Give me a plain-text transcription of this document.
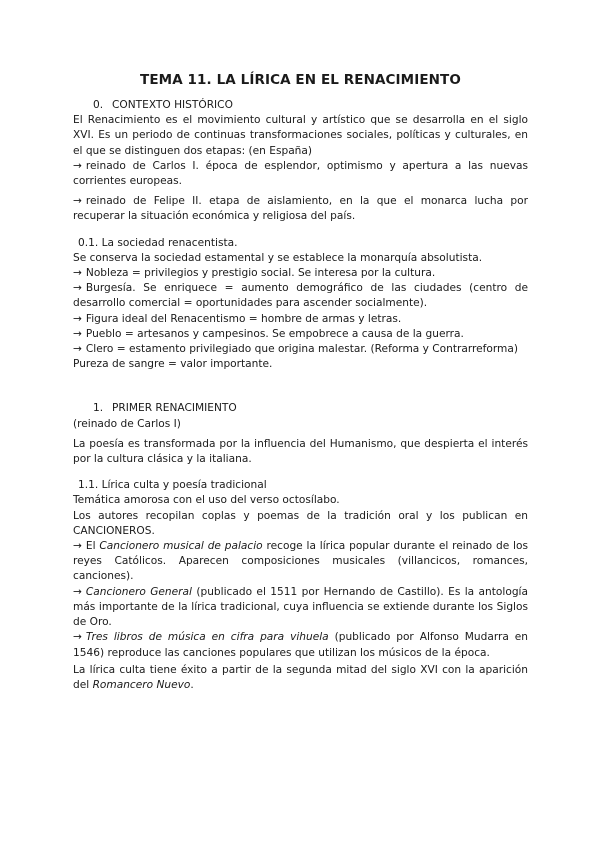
TEMA 11. LA LÍRICA EN EL RENACIMIENTO
0. CONTEXTO HISTÓRICO

El Renacimiento es el movimiento cultural y artístico que se desarrolla en el siglo XVI. Es un periodo de continuas transformaciones sociales, políticas y culturales, en el que se distinguen dos etapas: (en España)

→ reinado de Carlos I. época de esplendor, optimismo y apertura a las nuevas corrientes europeas.

→ reinado de Felipe II. etapa de aislamiento, en la que el monarca lucha por recuperar la situación económica y religiosa del país.

0.1. La sociedad renacentista.

Se conserva la sociedad estamental y se establece la monarquía absolutista.

→ Nobleza = privilegios y prestigio social. Se interesa por la cultura.

→ Burgesía. Se enriquece = aumento demográfico de las ciudades (centro de desarrollo comercial = oportunidades para ascender socialmente).

→ Figura ideal del Renacentismo = hombre de armas y letras.

→ Pueblo = artesanos y campesinos. Se empobrece a causa de la guerra.

→ Clero = estamento privilegiado que origina malestar. (Reforma y Contrarreforma)

Pureza de sangre = valor importante.

1. PRIMER RENACIMIENTO

(reinado de Carlos I)

La poesía es transformada por la influencia del Humanismo, que despierta el interés por la cultura clásica y la italiana.

1.1. Lírica culta y poesía tradicional

Temática amorosa con el uso del verso octosílabo.

Los autores recopilan coplas y poemas de la tradición oral y los publican en CANCIONEROS.

→ El Cancionero musical de palacio recoge la lírica popular durante el reinado de los reyes Católicos. Aparecen composiciones musicales (villancicos, romances, canciones).

→ Cancionero General (publicado el 1511 por Hernando de Castillo). Es la antología más importante de la lírica tradicional, cuya influencia se extiende durante los Siglos de Oro.

→ Tres libros de música en cifra para vihuela (publicado por Alfonso Mudarra en 1546) reproduce las canciones populares que utilizan los músicos de la época.

La lírica culta tiene éxito a partir de la segunda mitad del siglo XVI con la aparición del Romancero Nuevo.
